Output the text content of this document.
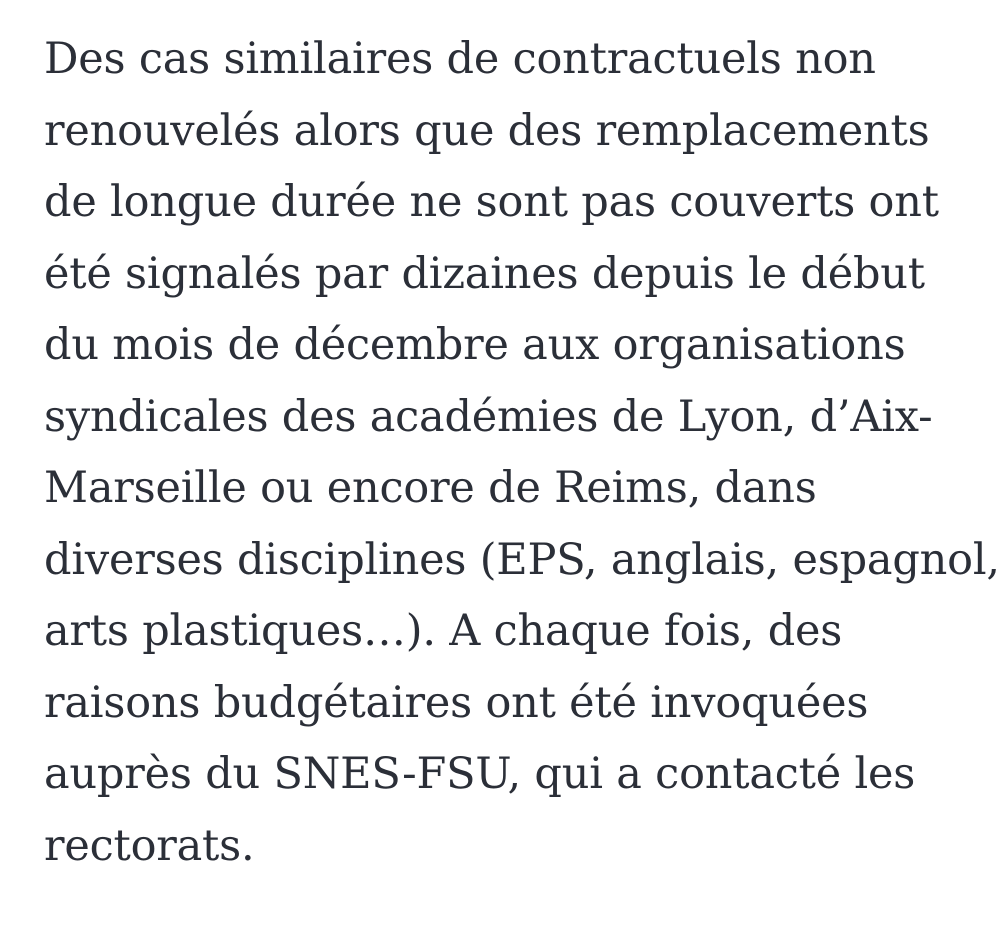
Des cas similaires de contractuels non
renouvelés alors que des remplacements
de longue durée ne sont pas couverts ont
été signalés par dizaines depuis le début
du mois de décembre aux organisations
syndicales des académies de Lyon, d’Aix-
Marseille ou encore de Reims, dans
diverses disciplines (EPS, anglais, espagnol,
arts plastiques…). A chaque fois, des
raisons budgétaires ont été invoquées
auprès du SNES-FSU, qui a contacté les
rectorats.
